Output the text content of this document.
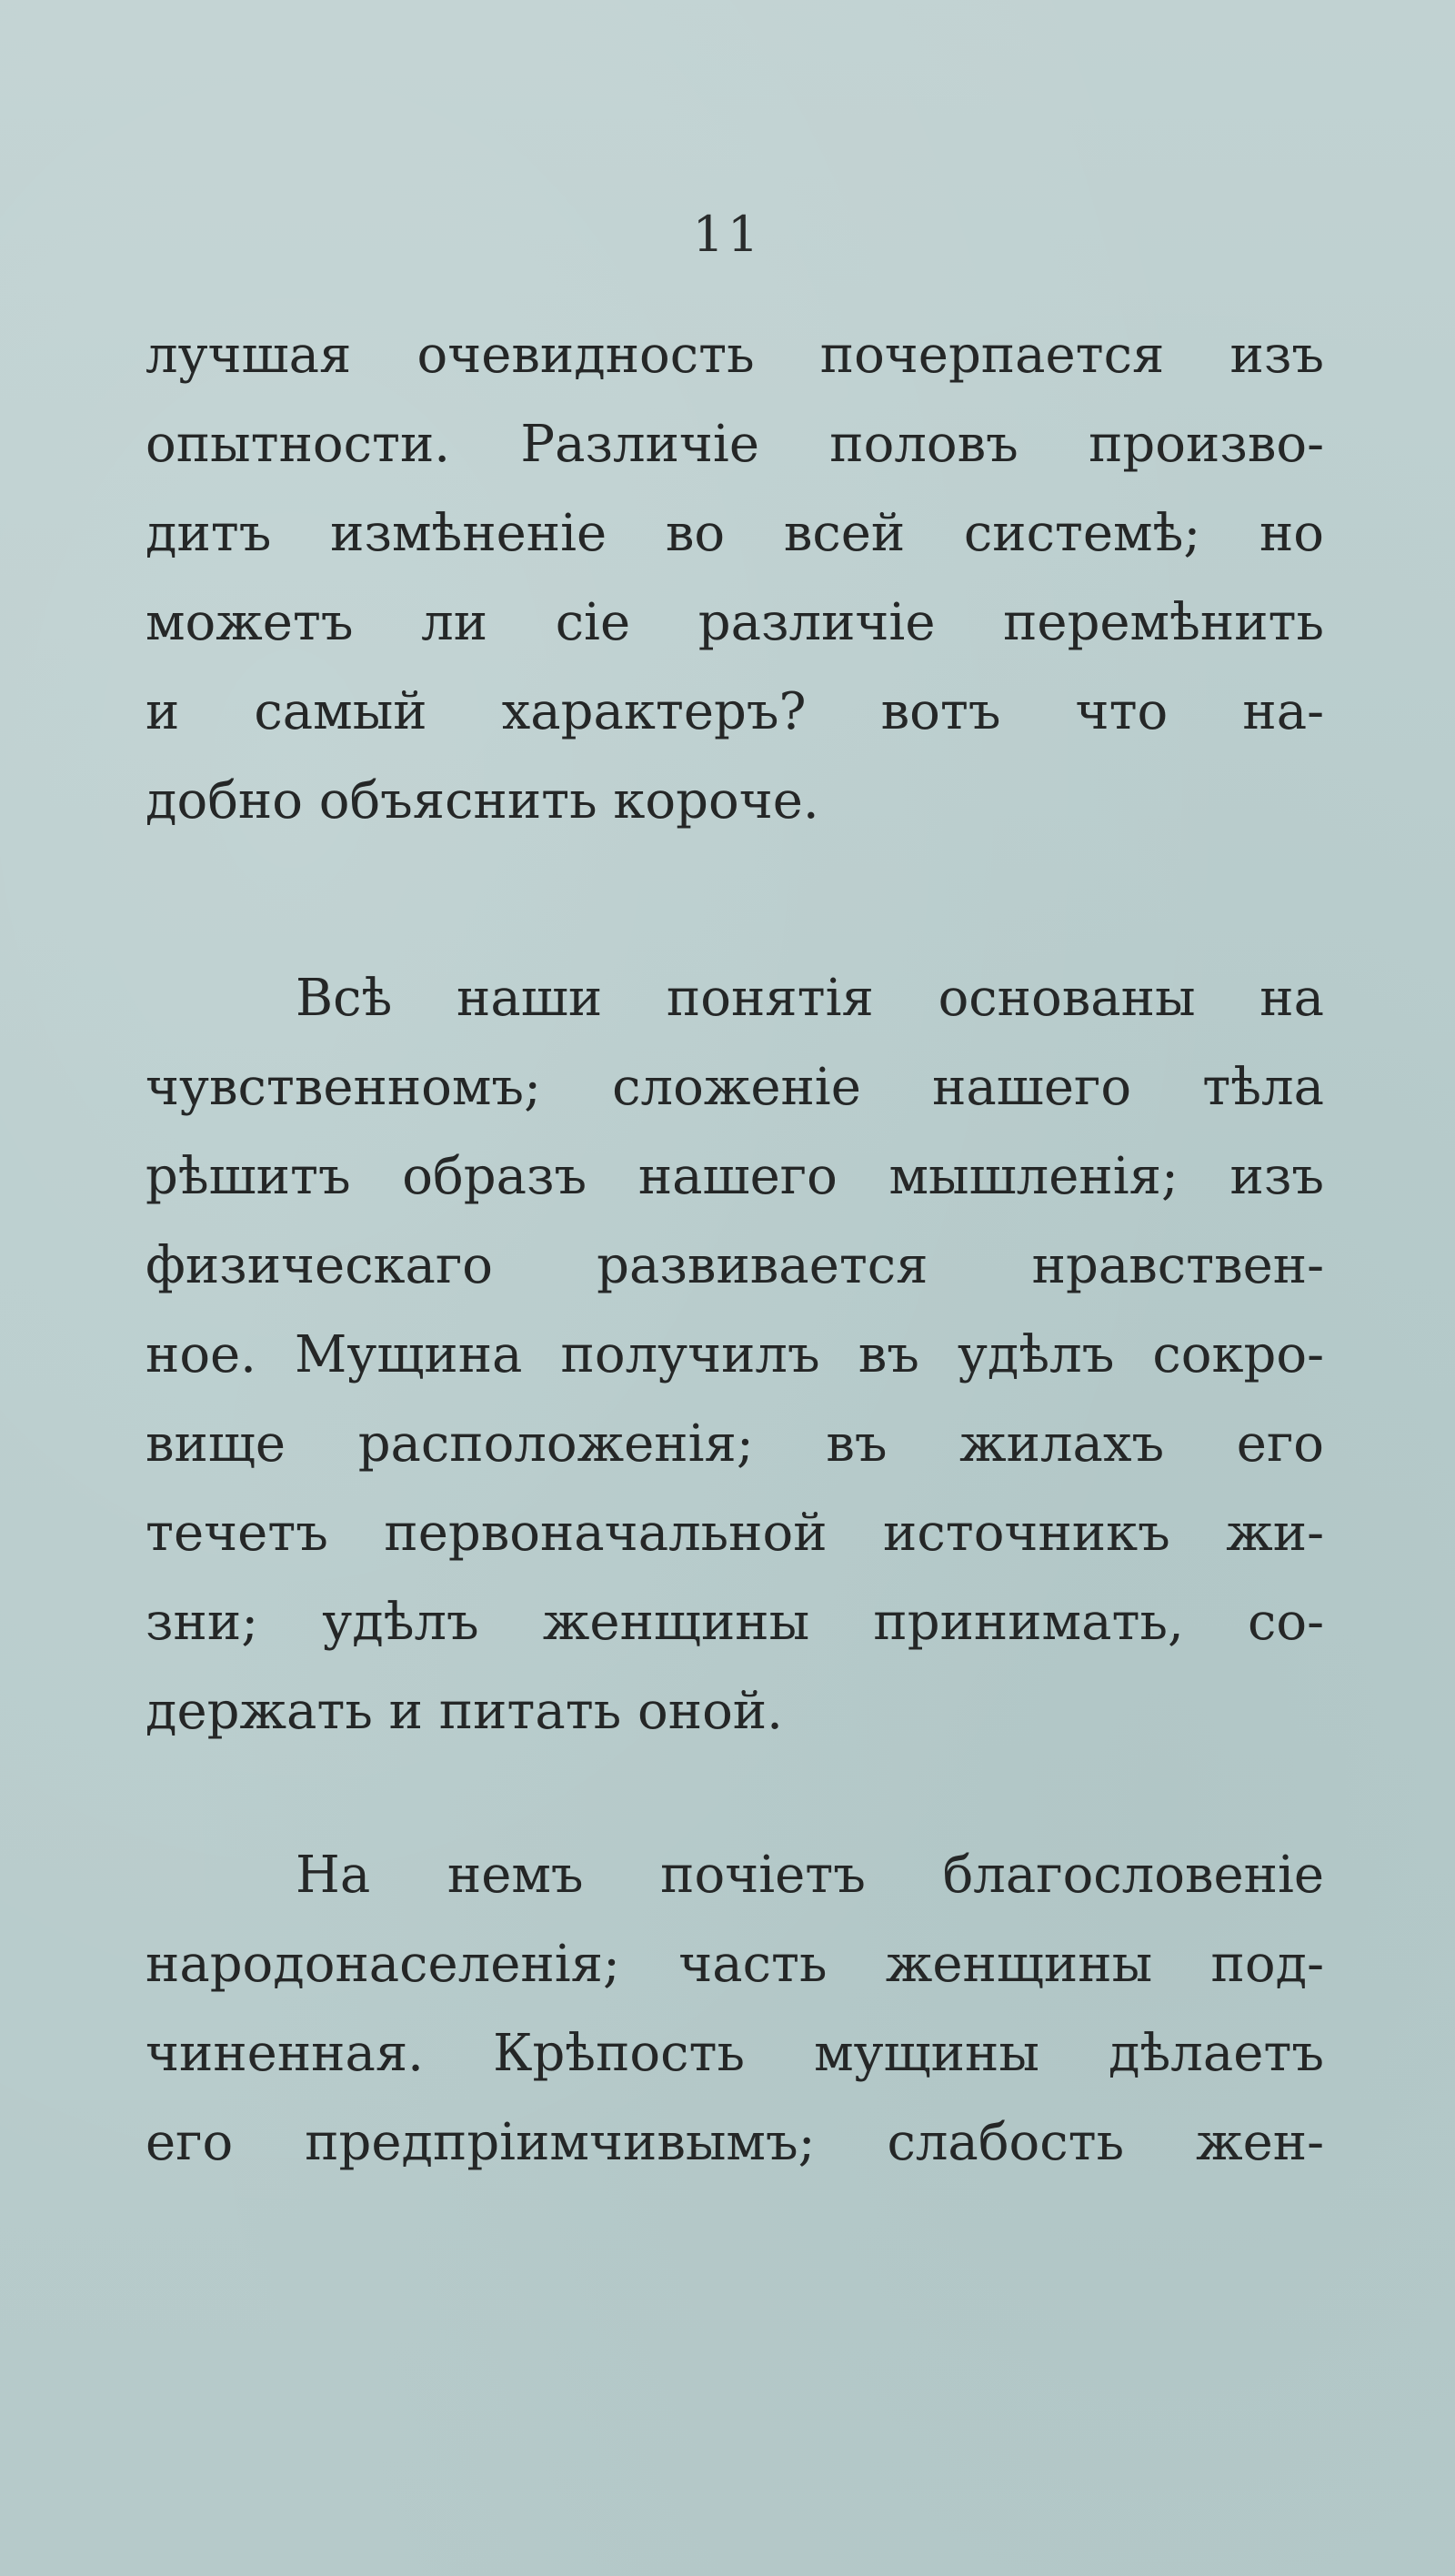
11
лучшая очевидность почерпается изъ
опытности. Различіе половъ произво-
дитъ измѣненіе во всей системѣ; но
можетъ ли сіе различіе перемѣнить
и самый характеръ? вотъ что на-
добно объяснить короче.
Всѣ наши понятія основаны на
чувственномъ; сложеніе нашего тѣла
рѣшитъ образъ нашего мышленія; изъ
физическаго развивается нравствен-
ное. Мущина получилъ въ удѣлъ сокро-
вище расположенія; въ жилахъ его
течетъ первоначальной источникъ жи-
зни; удѣлъ женщины принимать, со-
держать и питать оной.
На немъ почіетъ благословеніе
народонаселенія; часть женщины под-
чиненная. Крѣпость мущины дѣлаетъ
его предпріимчивымъ; слабость жен-
